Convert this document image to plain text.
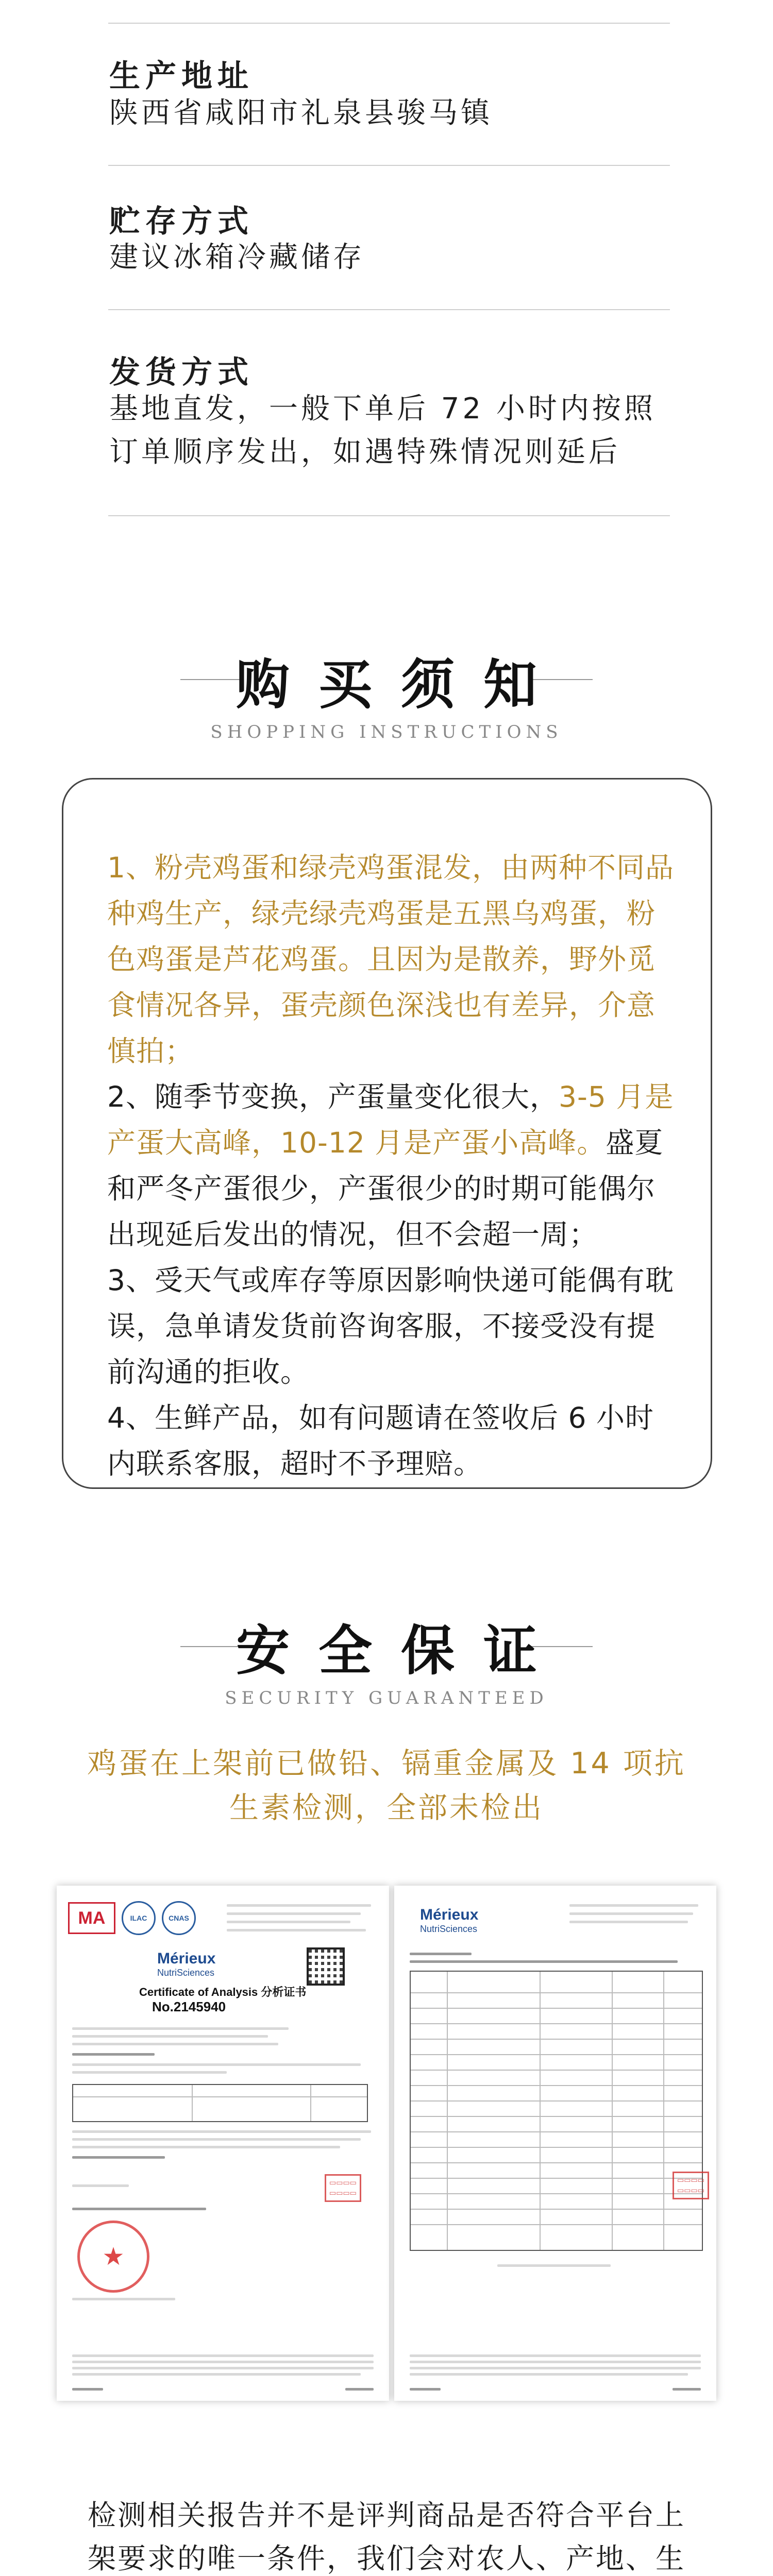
生产地址
陕西省咸阳市礼泉县骏马镇
贮存方式
建议冰箱冷藏储存
发货方式
基地直发，一般下单后 72 小时内按照订单顺序发出，如遇特殊情况则延后
购买须知
SHOPPING INSTRUCTIONS
1、粉壳鸡蛋和绿壳鸡蛋混发，由两种不同品种鸡生产，绿壳绿壳鸡蛋是五黑乌鸡蛋，粉色鸡蛋是芦花鸡蛋。且因为是散养，野外觅食情况各异，蛋壳颜色深浅也有差异，介意慎拍；
2、随季节变换，产蛋量变化很大，3-5 月是产蛋大高峰，10-12 月是产蛋小高峰。盛夏和严冬产蛋很少，产蛋很少的时期可能偶尔出现延后发出的情况，但不会超一周；
3、受天气或库存等原因影响快递可能偶有耽误，急单请发货前咨询客服，不接受没有提前沟通的拒收。
4、生鲜产品，如有问题请在签收后 6 小时内联系客服，超时不予理赔。
安全保证
SECURITY GUARANTEED
鸡蛋在上架前已做铅、镉重金属及 14 项抗生素检测，全部未检出
MA	ILAC	CNAS
Mérieux
NutriSciences
Certificate of Analysis 分析证书
No.2145940
★
▭▭▭▭
▭▭▭▭
Mérieux
NutriSciences
▭▭▭▭
▭▭▭▭
检测相关报告并不是评判商品是否符合平台上架要求的唯一条件，我们会对农人、产地、生
